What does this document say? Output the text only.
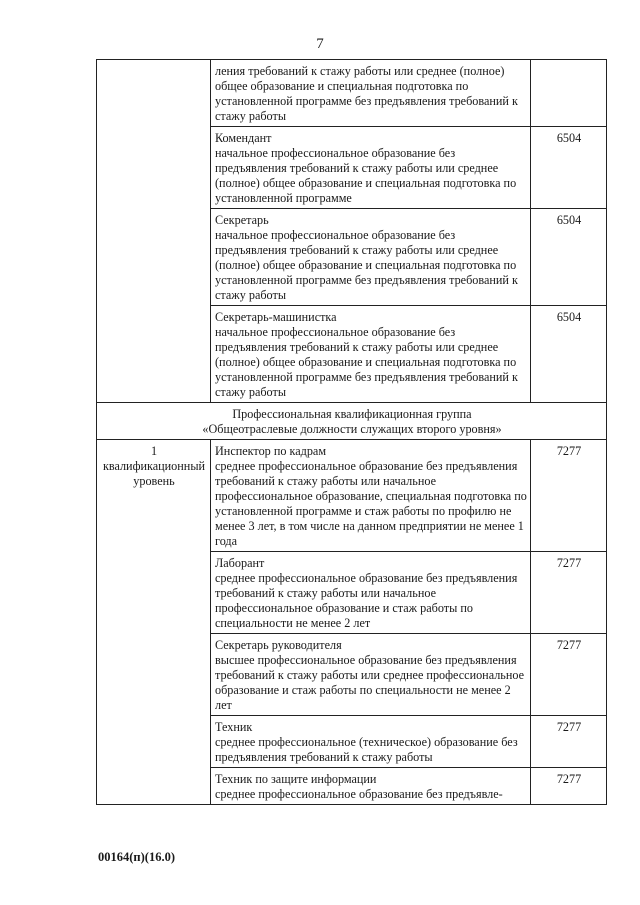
7

	ления требований к стажу работы или среднее (полное) общее образование и специальная подготовка по установленной программе без предъявления требований к стажу работы	

	Комендант
начальное профессиональное образование без предъявления требований к стажу работы или среднее (полное) общее образование и специальная подготовка по установленной программе	6504

	Секретарь
начальное профессиональное образование без предъявления требований к стажу работы или среднее (полное) общее образование и специальная подготовка по установленной программе без предъявления требований к стажу работы	6504

	Секретарь-машинистка
начальное профессиональное образование без предъявления требований к стажу работы или среднее (полное) общее образование и специальная подготовка по установленной программе без предъявления требований к стажу работы	6504

Профессиональная квалификационная группа
«Общеотраслевые должности служащих второго уровня»		

1 квалификационный уровень	Инспектор по кадрам
среднее профессиональное образование без предъявления требований к стажу работы или начальное профессиональное образование, специальная подготовка по установленной программе и стаж работы по профилю не менее 3 лет, в том числе на данном предприятии не менее 1 года	7277

	Лаборант
среднее профессиональное образование без предъявления требований к стажу работы или начальное профессиональное образование и стаж работы по специальности не менее 2 лет	7277

	Секретарь руководителя
высшее профессиональное образование без предъявления требований к стажу работы или среднее профессиональное образование и стаж работы по специальности не менее 2 лет	7277

	Техник
среднее профессиональное (техническое) образование без предъявления требований к стажу работы	7277

	Техник по защите информации
среднее профессиональное образование без предъявле-	7277
00164(п)(16.0)
